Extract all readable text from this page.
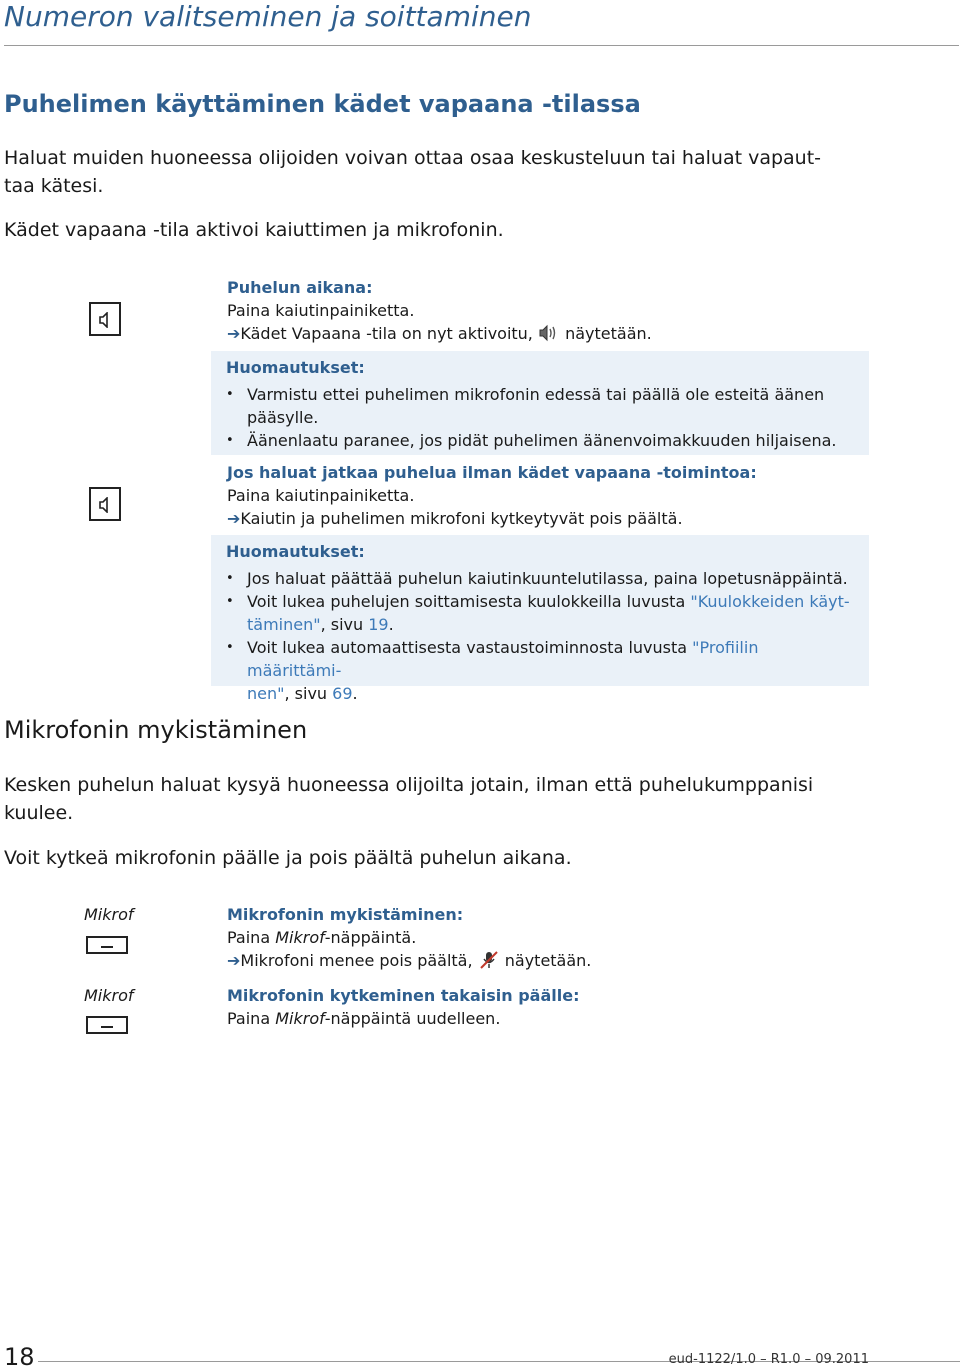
Numeron valitseminen ja soittaminen
Puhelimen käyttäminen kädet vapaana -tilassa
Haluat muiden huoneessa olijoiden voivan ottaa osaa keskusteluun tai haluat vapaut-
taa kätesi.
Kädet vapaana -tila aktivoi kaiuttimen ja mikrofonin.
Puhelun aikana:
Paina kaiutinpainiketta.
➔Kädet Vapaana -tila on nyt aktivoitu, näytetään.
Huomautukset:
• Varmistu ettei puhelimen mikrofonin edessä tai päällä ole esteitä äänen
pääsylle.
• Äänenlaatu paranee, jos pidät puhelimen äänenvoimakkuuden hiljaisena.
Jos haluat jatkaa puhelua ilman kädet vapaana -toimintoa:
Paina kaiutinpainiketta.
➔Kaiutin ja puhelimen mikrofoni kytkeytyvät pois päältä.
Huomautukset:
• Jos haluat päättää puhelun kaiutinkuuntelutilassa, paina lopetusnäppäintä.
• Voit lukea puhelujen soittamisesta kuulokkeilla luvusta "Kuulokkeiden käyt-
täminen", sivu 19.
• Voit lukea automaattisesta vastaustoiminnosta luvusta "Profiilin määrittämi-
nen", sivu 69.
Mikrofonin mykistäminen
Kesken puhelun haluat kysyä huoneessa olijoilta jotain, ilman että puhelukumppanisi
kuulee.
Voit kytkeä mikrofonin päälle ja pois päältä puhelun aikana.
Mikrof	Mikrofonin mykistäminen:
Paina Mikrof-näppäintä.
➔Mikrofoni menee pois päältä, näytetään.
Mikrof	Mikrofonin kytkeminen takaisin päälle:
Paina Mikrof-näppäintä uudelleen.
18	eud-1122/1.0 – R1.0 – 09.2011
